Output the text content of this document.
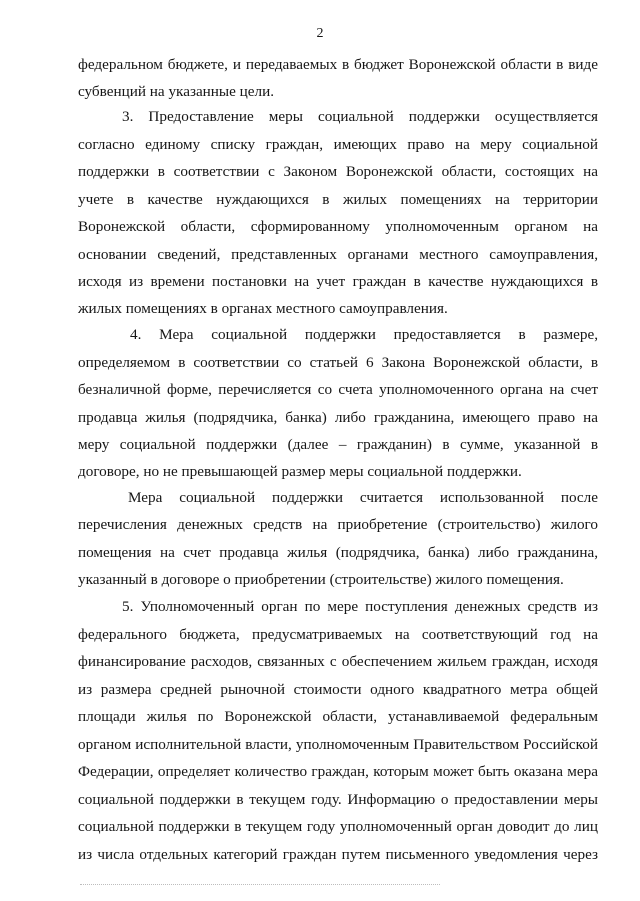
2
федеральном бюджете, и передаваемых в бюджет Воронежской области в виде
субвенций на указанные цели.
3. Предоставление меры социальной поддержки осуществляется
согласно единому списку граждан, имеющих право на меру социальной
поддержки в соответствии с Законом Воронежской области, состоящих на
учете в качестве нуждающихся в жилых помещениях на территории
Воронежской области, сформированному уполномоченным органом на
основании сведений, представленных органами местного самоуправления,
исходя из времени постановки на учет граждан в качестве нуждающихся в
жилых помещениях в органах местного самоуправления.
4. Мера социальной поддержки предоставляется в размере,
определяемом в соответствии со статьей 6 Закона Воронежской области, в
безналичной форме, перечисляется со счета уполномоченного органа на счет
продавца жилья (подрядчика, банка) либо гражданина, имеющего право на
меру социальной поддержки (далее – гражданин) в сумме, указанной в
договоре, но не превышающей размер меры социальной поддержки.
Мера социальной поддержки считается использованной после
перечисления денежных средств на приобретение (строительство) жилого
помещения на счет продавца жилья (подрядчика, банка) либо гражданина,
указанный в договоре о приобретении (строительстве) жилого помещения.
5. Уполномоченный орган по мере поступления денежных средств из
федерального бюджета, предусматриваемых на соответствующий год на
финансирование расходов, связанных с обеспечением жильем граждан, исходя
из размера средней рыночной стоимости одного квадратного метра общей
площади жилья по Воронежской области, устанавливаемой федеральным
органом исполнительной власти, уполномоченным Правительством Российской
Федерации, определяет количество граждан, которым может быть оказана мера
социальной поддержки в текущем году. Информацию о предоставлении меры
социальной поддержки в текущем году уполномоченный орган доводит до лиц
из числа отдельных категорий граждан путем письменного уведомления через
